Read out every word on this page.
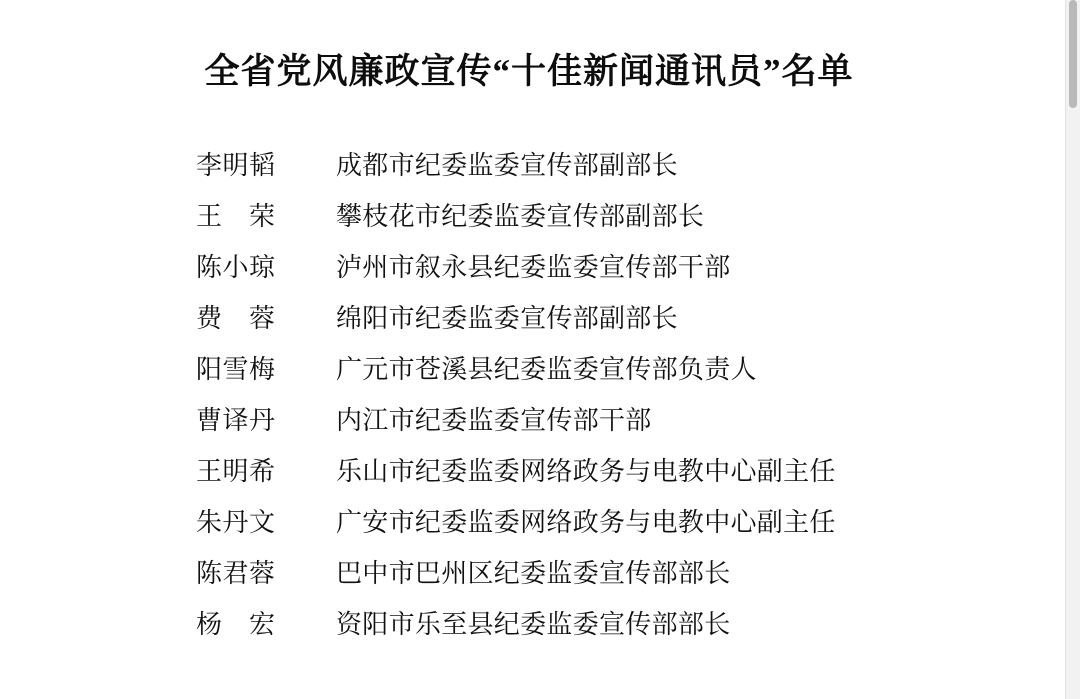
全省党风廉政宣传“十佳新闻通讯员”名单
李明韬	成都市纪委监委宣传部副部长
王　荣	攀枝花市纪委监委宣传部副部长
陈小琼	泸州市叙永县纪委监委宣传部干部
费　蓉	绵阳市纪委监委宣传部副部长
阳雪梅	广元市苍溪县纪委监委宣传部负责人
曹译丹	内江市纪委监委宣传部干部
王明希	乐山市纪委监委网络政务与电教中心副主任
朱丹文	广安市纪委监委网络政务与电教中心副主任
陈君蓉	巴中市巴州区纪委监委宣传部部长
杨　宏	资阳市乐至县纪委监委宣传部部长
